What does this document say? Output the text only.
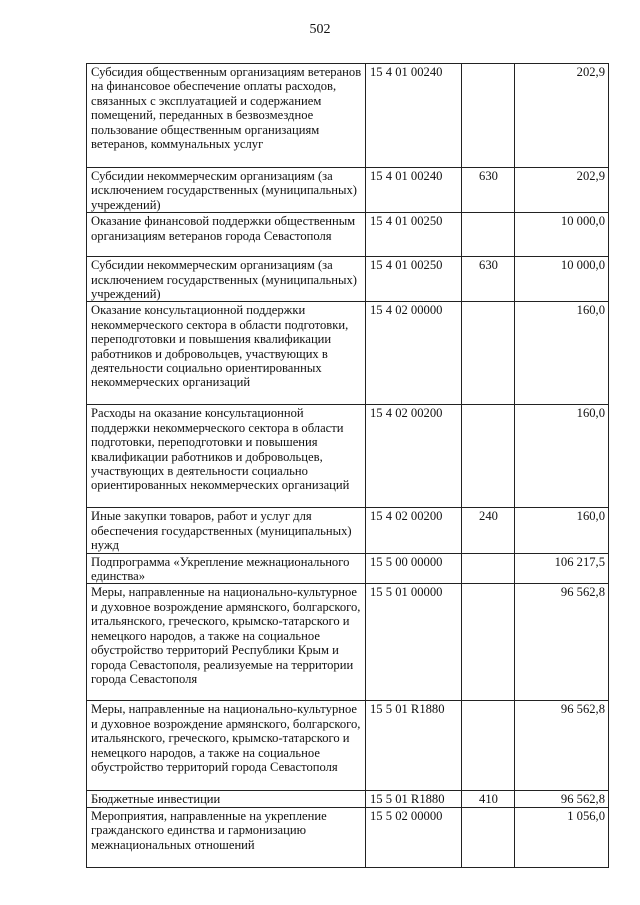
502
Субсидия общественным организациям ветеранов на финансовое обеспечение оплаты расходов, связанных с эксплуатацией и содержанием помещений, переданных в безвозмездное пользование общественным организациям ветеранов, коммунальных услуг	15 4 01 00240		202,9
Субсидии некоммерческим организациям (за исключением государственных (муниципальных) учреждений)	15 4 01 00240	630	202,9
Оказание финансовой поддержки общественным организациям ветеранов города Севастополя	15 4 01 00250		10 000,0
Субсидии некоммерческим организациям (за исключением государственных (муниципальных) учреждений)	15 4 01 00250	630	10 000,0
Оказание консультационной поддержки некоммерческого сектора в области подготовки, переподготовки и повышения квалификации работников и добровольцев, участвующих в деятельности социально ориентированных некоммерческих организаций	15 4 02 00000		160,0
Расходы на оказание консультационной поддержки некоммерческого сектора в области подготовки, переподготовки и повышения квалификации работников и добровольцев, участвующих в деятельности социально ориентированных некоммерческих организаций	15 4 02 00200		160,0
Иные закупки товаров, работ и услуг для обеспечения государственных (муниципальных) нужд	15 4 02 00200	240	160,0
Подпрограмма «Укрепление межнационального единства»	15 5 00 00000		106 217,5
Меры, направленные на национально-культурное и духовное возрождение армянского, болгарского, итальянского, греческого, крымско-татарского и немецкого народов, а также на социальное обустройство территорий Республики Крым и города Севастополя, реализуемые на территории города Севастополя	15 5 01 00000		96 562,8
Меры, направленные на национально-культурное и духовное возрождение армянского, болгарского, итальянского, греческого, крымско-татарского и немецкого народов, а также на социальное обустройство территорий города Севастополя	15 5 01 R1880		96 562,8
Бюджетные инвестиции	15 5 01 R1880	410	96 562,8
Мероприятия, направленные на укрепление гражданского единства и гармонизацию межнациональных отношений	15 5 02 00000		1 056,0
